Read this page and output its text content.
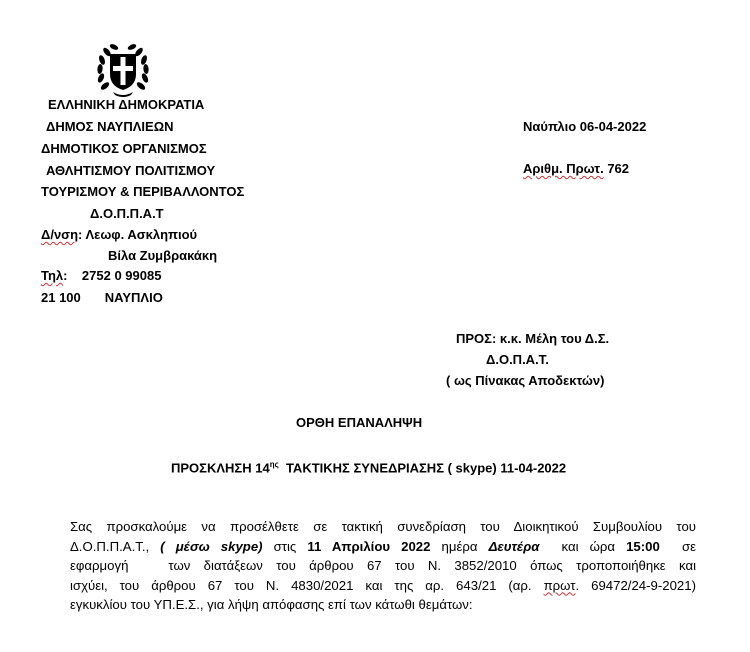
ΕΛΛΗΝΙΚΗ ΔΗΜΟΚΡΑΤΙΑ
ΔΗΜΟΣ ΝΑΥΠΛΙΕΩΝ
ΔΗΜΟΤΙΚΟΣ ΟΡΓΑΝΙΣΜΟΣ
ΑΘΛΗΤΙΣΜΟΥ ΠΟΛΙΤΙΣΜΟΥ
ΤΟΥΡΙΣΜΟΥ & ΠΕΡΙΒΑΛΛΟΝΤΟΣ
Δ.Ο.Π.Π.Α.Τ
Δ/νση: Λεωφ. Ασκληπιού
Βίλα Ζυμβρακάκη
Τηλ:    2752 0 99085
21 100 ΝΑΥΠΛΙΟ
Ναύπλιο 06-04-2022
Αριθμ. Πρωτ. 762
ΠΡΟΣ: κ.κ. Μέλη του Δ.Σ.
Δ.Ο.Π.Α.Τ.
( ως Πίνακας Αποδεκτών)
ΟΡΘΗ ΕΠΑΝΑΛΗΨΗ
ΠΡΟΣΚΛΗΣΗ $14^{\eta\varsigma}$  ΤΑΚΤΙΚΗΣ ΣΥΝΕΔΡΙΑΣΗΣ ( skype) 11-04-2022
Σας προσκαλούμε να προσέλθετε σε τακτική συνεδρίαση του Διοικητικού Συμβουλίου του
Δ.Ο.Π.Π.Α.Τ., ( μέσω skype) στις 11 Απριλίου 2022 ημέρα Δευτέρα  και ώρα 15:00  σε
εφαρμογή   των διατάξεων του άρθρου 67 του Ν. 3852/2010 όπως τροποποιήθηκε και
ισχύει, του άρθρου 67 του Ν. 4830/2021 και της αρ. 643/21 (αρ. πρωτ. 69472/24-9-2021)
εγκυκλίου του ΥΠ.Ε.Σ., για λήψη απόφασης επί των κάτωθι θεμάτων:
